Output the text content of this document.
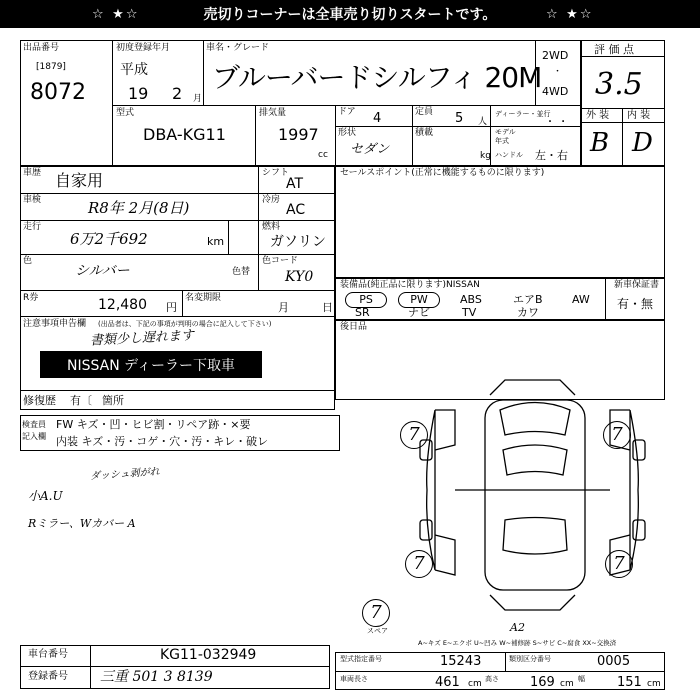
☆ ★☆	売切りコーナーは全車売り切りスタートです。	☆ ★☆
出品番号
[1879]
8072
初度登録年月
平成
19 2 月
車名・グレード
ブルーバードシルフィ 20M
2WD
・
4WD
評 価 点
3.5
外 装 内 装
B D
型式
DBA-KG11
排気量
1997
cc
ドア 4	定員 5 人
ディーラー・並行
・ ・
形状
セダン
積載
kg
モデル
年式
ハンドル 左・右
車歴 自家用	シフト
AT
車検	R8年 2月(8日)	冷房
AC
走行
6万2千692	km
燃料
ガソリン
色
シルバー	色替
色コード
KY0
R券	12,480 円
名変期限
月	日
注意事項申告欄 (出品者は、下記の事項が判明の場合に記入して下さい)
書類少し遅れます
NISSAN ディーラー下取車
修復歴 有〔 箇所
セールスポイント(正常に機能するものに限ります)
装備品(純正品に限ります)NISSAN	新車保証書
有・無
PS	PW	ABS	エアB	AW
SR	ナビ	TV	カワ
後日品
検査員
記入欄
FW キズ・凹・ヒビ割・リペア跡・×要
内装 キズ・汚・コゲ・穴・汚・キレ・破レ
ダッシュ剥がれ
小A.U
Rミラー、Wカバー A
7	7
7	7
7
スペア	A2
A~キズ E~エクボ U~凹み W~補修跡 S~サビ C~腐食 XX~交換済
車台番号	KG11-032949
登録番号 三重 501 3 8139
型式指定番号	15243	類別区分番号	0005
車両長さ	461 cm 高さ 169 cm 幅 151 cm
